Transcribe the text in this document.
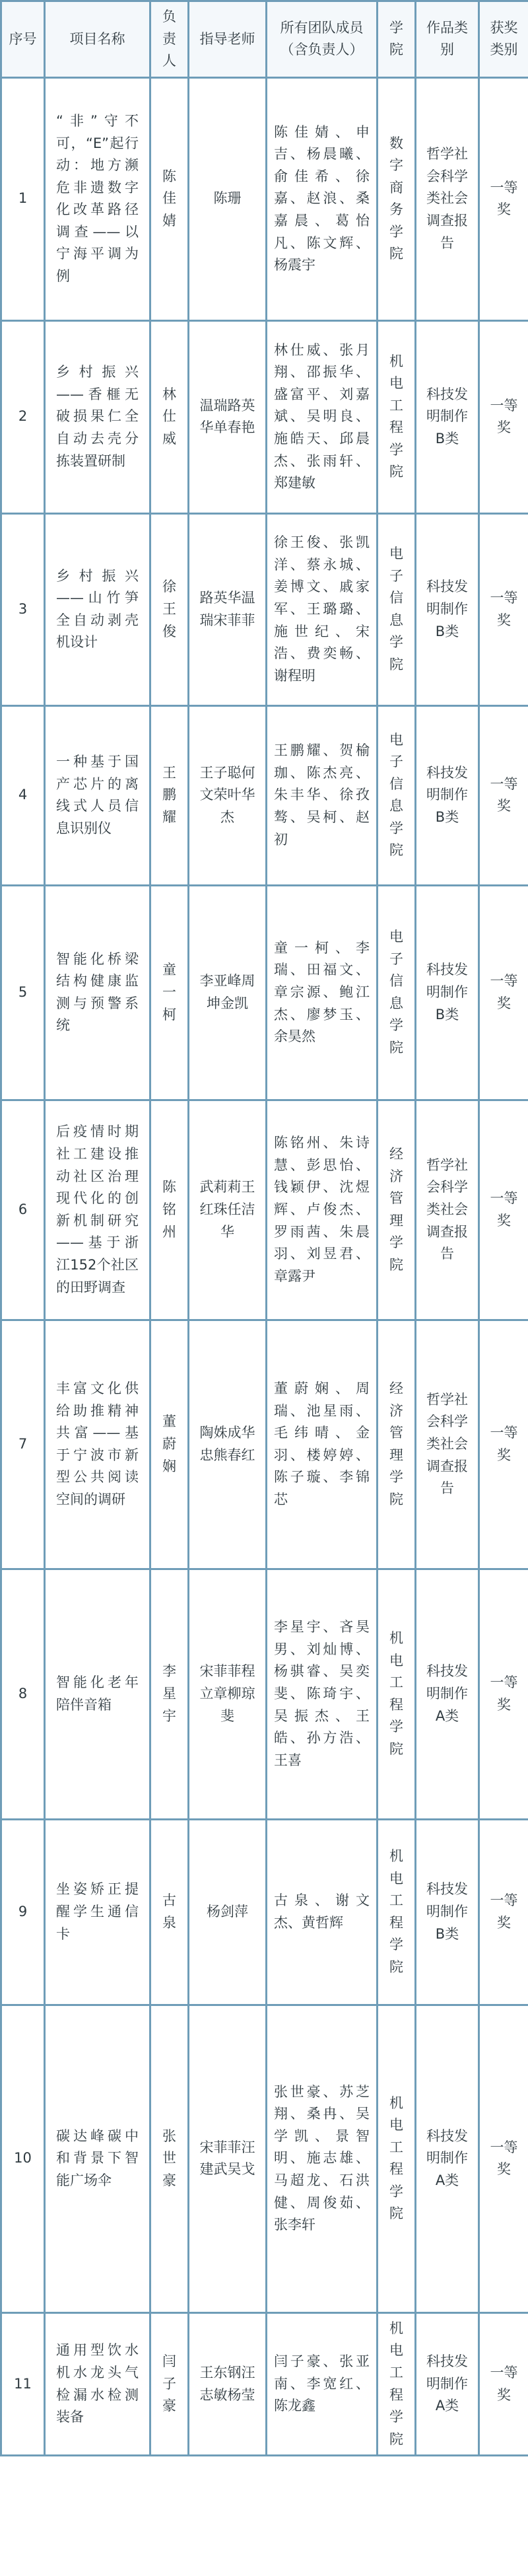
序号	项目名称	负责人	指导老师	所有团队成员（含负责人）	学院	作品类别	获奖类别
1	“非”守不可，“E”起行动：地方濒危非遗数字化改革路径调查——以宁海平调为例	陈佳婧	陈珊	陈佳婧、申吉、杨晨曦、俞佳希、徐嘉、赵浪、桑嘉晨、葛怡凡、陈文辉、杨震宇	数字商务学院	哲学社会科学类社会调查报告	一等奖
2	乡村振兴——香榧无破损果仁全自动去壳分拣装置研制	林仕威	温瑞路英华单春艳	林仕威、张月翔、邵振华、盛富平、刘嘉斌、吴明良、施皓天、邱晨杰、张雨轩、郑建敏	机电工程学院	科技发明制作B类	一等奖
3	乡村振兴——山竹笋全自动剥壳机设计	徐王俊	路英华温瑞宋菲菲	徐王俊、张凯洋、蔡永城、姜博文、戚家军、王璐璐、施世纪、宋浩、费奕畅、谢程明	电子信息学院	科技发明制作B类	一等奖
4	一种基于国产芯片的离线式人员信息识别仪	王鹏耀	王子聪何文荣叶华杰	王鹏耀、贺榆珈、陈杰亮、朱丰华、徐孜骜、吴柯、赵初	电子信息学院	科技发明制作B类	一等奖
5	智能化桥梁结构健康监测与预警系统	童一柯	李亚峰周坤金凯	童一柯、李瑞、田福文、章宗源、鲍江杰、廖梦玉、余昊然	电子信息学院	科技发明制作B类	一等奖
6	后疫情时期社工建设推动社区治理现代化的创新机制研究——基于浙江152个社区的田野调查	陈铭州	武莉莉王红珠任洁华	陈铭州、朱诗慧、彭思怡、钱颖伊、沈煜辉、卢俊杰、罗雨茜、朱晨羽、刘昱君、章露尹	经济管理学院	哲学社会科学类社会调查报告	一等奖
7	丰富文化供给助推精神共富——基于宁波市新型公共阅读空间的调研	董蔚娴	陶姝成华忠熊春红	董蔚娴、周瑞、池星雨、毛纬晴、金羽、楼婷婷、陈子璇、李锦芯	经济管理学院	哲学社会科学类社会调查报告	一等奖
8	智能化老年陪伴音箱	李星宇	宋菲菲程立章柳琼斐	李星宇、吝昊男、刘灿博、杨骐睿、吴奕斐、陈琦宇、吴振杰、王皓、孙方浩、王喜	机电工程学院	科技发明制作A类	一等奖
9	坐姿矫正提醒学生通信卡	古泉	杨剑萍	古泉、谢文杰、黄哲辉	机电工程学院	科技发明制作B类	一等奖
10	碳达峰碳中和背景下智能广场伞	张世豪	宋菲菲汪建武吴戈	张世豪、苏芝翔、桑冉、吴学凯、景智明、施志雄、马超龙、石洪健、周俊茹、张李轩	机电工程学院	科技发明制作A类	一等奖
11	通用型饮水机水龙头气检漏水检测装备	闫子豪	王东钢汪志敏杨莹	闫子豪、张亚南、李宽红、陈龙鑫	机电工程学院	科技发明制作A类	一等奖
